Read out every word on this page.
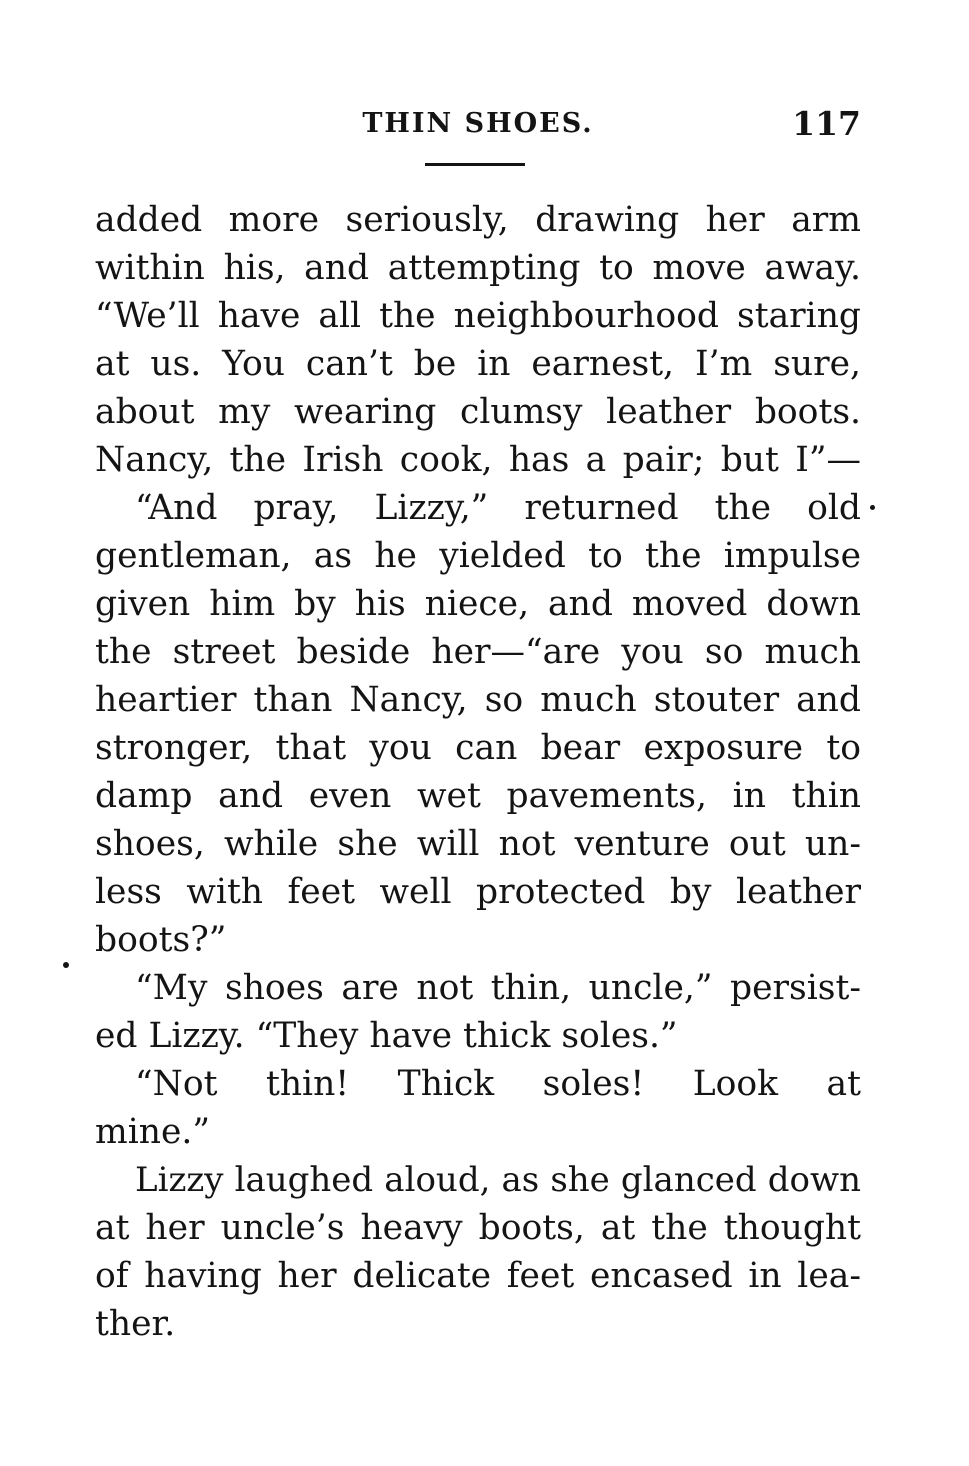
THIN SHOES.	117
added more seriously, drawing her arm
within his, and attempting to move away.
“We’ll have all the neighbourhood staring
at us. You can’t be in earnest, I’m sure,
about my wearing clumsy leather boots.
Nancy, the Irish cook, has a pair; but I”—
“And pray, Lizzy,” returned the old
gentleman, as he yielded to the impulse
given him by his niece, and moved down
the street beside her—“are you so much
heartier than Nancy, so much stouter and
stronger, that you can bear exposure to
damp and even wet pavements, in thin
shoes, while she will not venture out un-
less with feet well protected by leather
boots?”
“My shoes are not thin, uncle,” persist-
ed Lizzy. “They have thick soles.”
“Not thin! Thick soles! Look at
mine.”
Lizzy laughed aloud, as she glanced down
at her uncle’s heavy boots, at the thought
of having her delicate feet encased in lea-
ther.
